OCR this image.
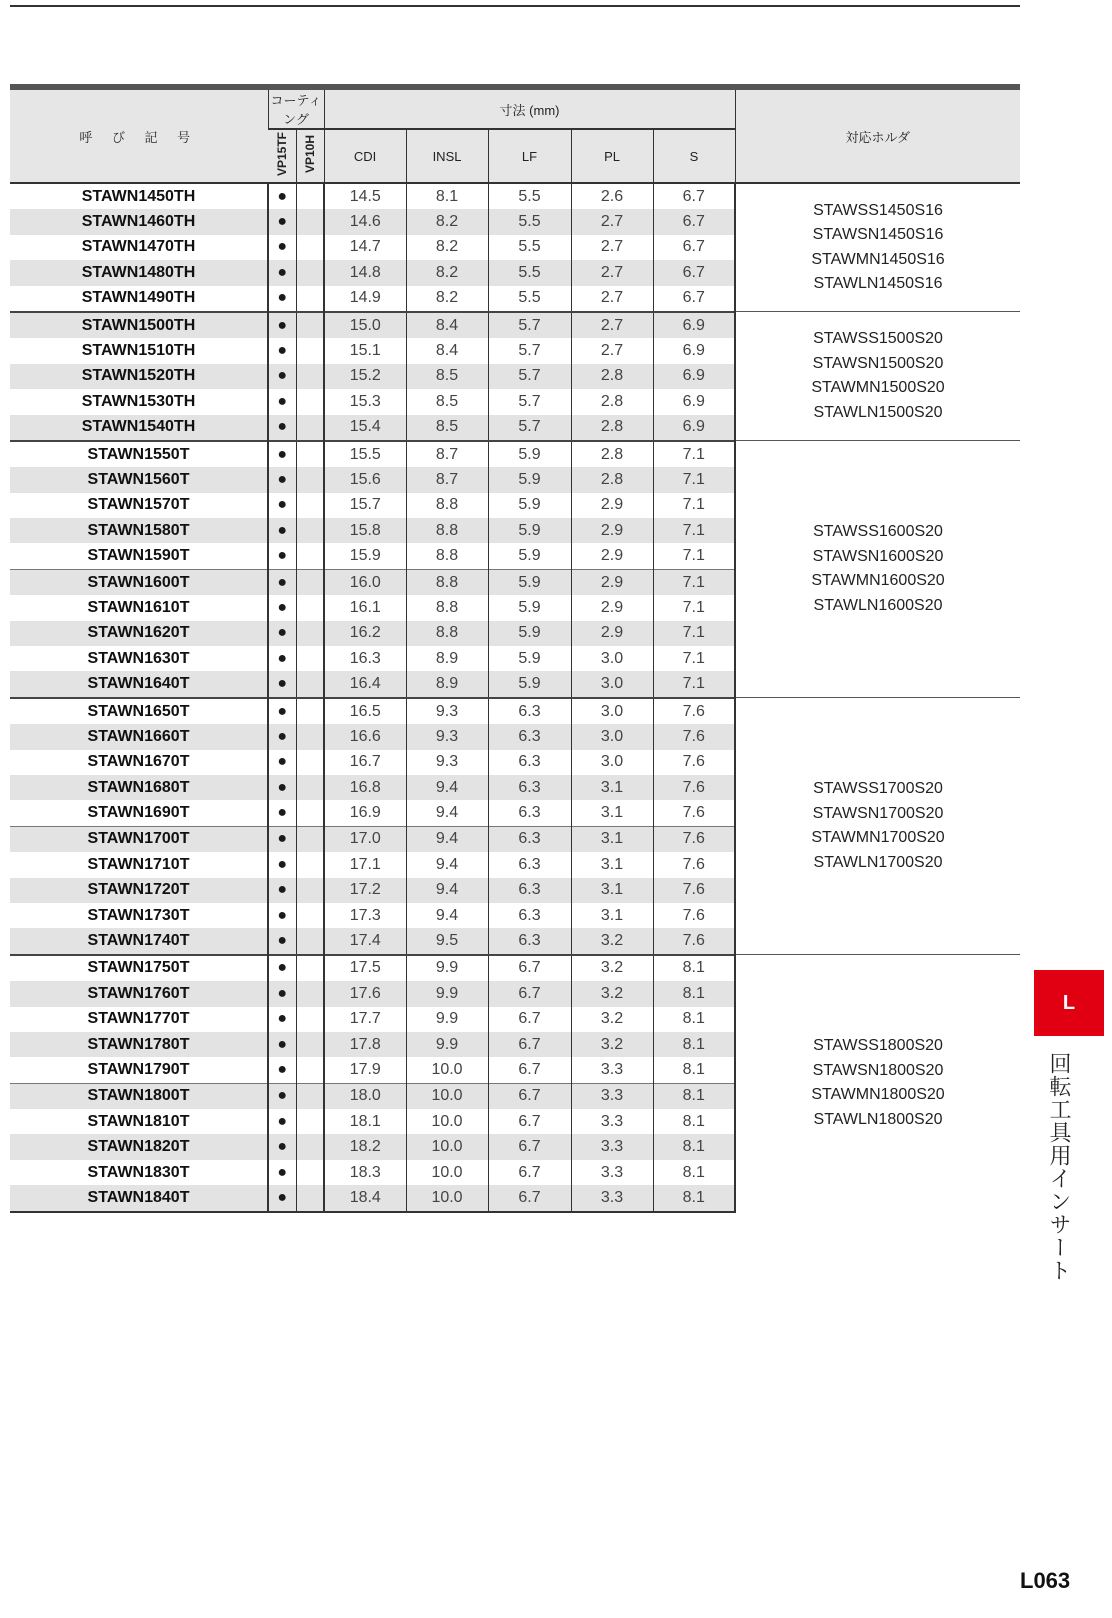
呼 び 記 号	コーティング		寸法 (mm)					対応ホルダ
	VP15TF	VP10H	CDI	INSL	LF	PL	S	
STAWN1450TH	●		14.5	8.1	5.5	2.6	6.7	STAWSS1450S16
STAWSN1450S16
STAWMN1450S16
STAWLN1450S16

STAWN1460TH	●		14.6	8.2	5.5	2.7	6.7	
STAWN1470TH	●		14.7	8.2	5.5	2.7	6.7	
STAWN1480TH	●		14.8	8.2	5.5	2.7	6.7	
STAWN1490TH	●		14.9	8.2	5.5	2.7	6.7	
STAWN1500TH	●		15.0	8.4	5.7	2.7	6.9	STAWSS1500S20
STAWSN1500S20
STAWMN1500S20
STAWLN1500S20

STAWN1510TH	●		15.1	8.4	5.7	2.7	6.9	
STAWN1520TH	●		15.2	8.5	5.7	2.8	6.9	
STAWN1530TH	●		15.3	8.5	5.7	2.8	6.9	
STAWN1540TH	●		15.4	8.5	5.7	2.8	6.9	
STAWN1550T	●		15.5	8.7	5.9	2.8	7.1	STAWSS1600S20
STAWSN1600S20
STAWMN1600S20
STAWLN1600S20

STAWN1560T	●		15.6	8.7	5.9	2.8	7.1	
STAWN1570T	●		15.7	8.8	5.9	2.9	7.1	
STAWN1580T	●		15.8	8.8	5.9	2.9	7.1	
STAWN1590T	●		15.9	8.8	5.9	2.9	7.1	
STAWN1600T	●		16.0	8.8	5.9	2.9	7.1	
STAWN1610T	●		16.1	8.8	5.9	2.9	7.1	
STAWN1620T	●		16.2	8.8	5.9	2.9	7.1	
STAWN1630T	●		16.3	8.9	5.9	3.0	7.1	
STAWN1640T	●		16.4	8.9	5.9	3.0	7.1	
STAWN1650T	●		16.5	9.3	6.3	3.0	7.6	STAWSS1700S20
STAWSN1700S20
STAWMN1700S20
STAWLN1700S20

STAWN1660T	●		16.6	9.3	6.3	3.0	7.6	
STAWN1670T	●		16.7	9.3	6.3	3.0	7.6	
STAWN1680T	●		16.8	9.4	6.3	3.1	7.6	
STAWN1690T	●		16.9	9.4	6.3	3.1	7.6	
STAWN1700T	●		17.0	9.4	6.3	3.1	7.6	
STAWN1710T	●		17.1	9.4	6.3	3.1	7.6	
STAWN1720T	●		17.2	9.4	6.3	3.1	7.6	
STAWN1730T	●		17.3	9.4	6.3	3.1	7.6	
STAWN1740T	●		17.4	9.5	6.3	3.2	7.6	
STAWN1750T	●		17.5	9.9	6.7	3.2	8.1	STAWSS1800S20
STAWSN1800S20
STAWMN1800S20
STAWLN1800S20

STAWN1760T	●		17.6	9.9	6.7	3.2	8.1	
STAWN1770T	●		17.7	9.9	6.7	3.2	8.1	
STAWN1780T	●		17.8	9.9	6.7	3.2	8.1	
STAWN1790T	●		17.9	10.0	6.7	3.3	8.1	
STAWN1800T	●		18.0	10.0	6.7	3.3	8.1	
STAWN1810T	●		18.1	10.0	6.7	3.3	8.1	
STAWN1820T	●		18.2	10.0	6.7	3.3	8.1	
STAWN1830T	●		18.3	10.0	6.7	3.3	8.1	
STAWN1840T	●		18.4	10.0	6.7	3.3	8.1	
L
回転工具用インサート
L063
